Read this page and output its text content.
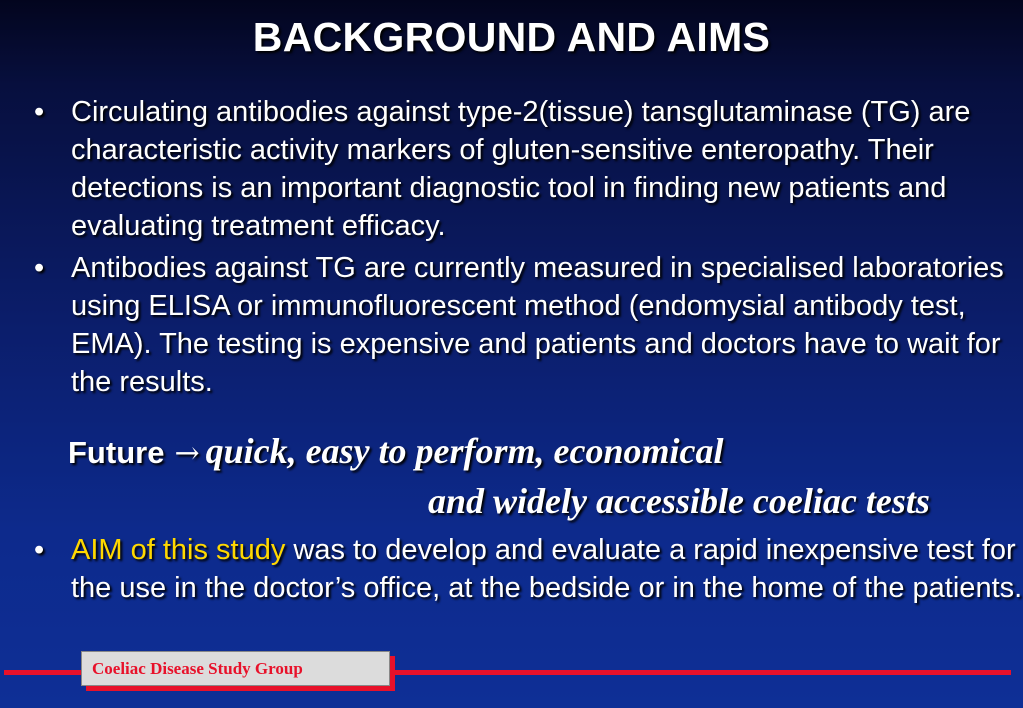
BACKGROUND AND AIMS
• Circulating antibodies against type-2(tissue) tansglutaminase (TG) are characteristic activity markers of gluten-sensitive enteropathy. Their detections is an important diagnostic tool in finding new patients and evaluating treatment efficacy.
• Antibodies against TG are currently measured in specialised laboratories using ELISA or immunofluorescent method (endomysial antibody test, EMA). The testing is expensive and patients and doctors have to wait for the results.
Future → quick, easy to perform, economical
and widely accessible coeliac tests
• AIM of this study was to develop and evaluate a rapid inexpensive test for the use in the doctor’s office, at the bedside or in the home of the patients.
Coeliac Disease Study Group
